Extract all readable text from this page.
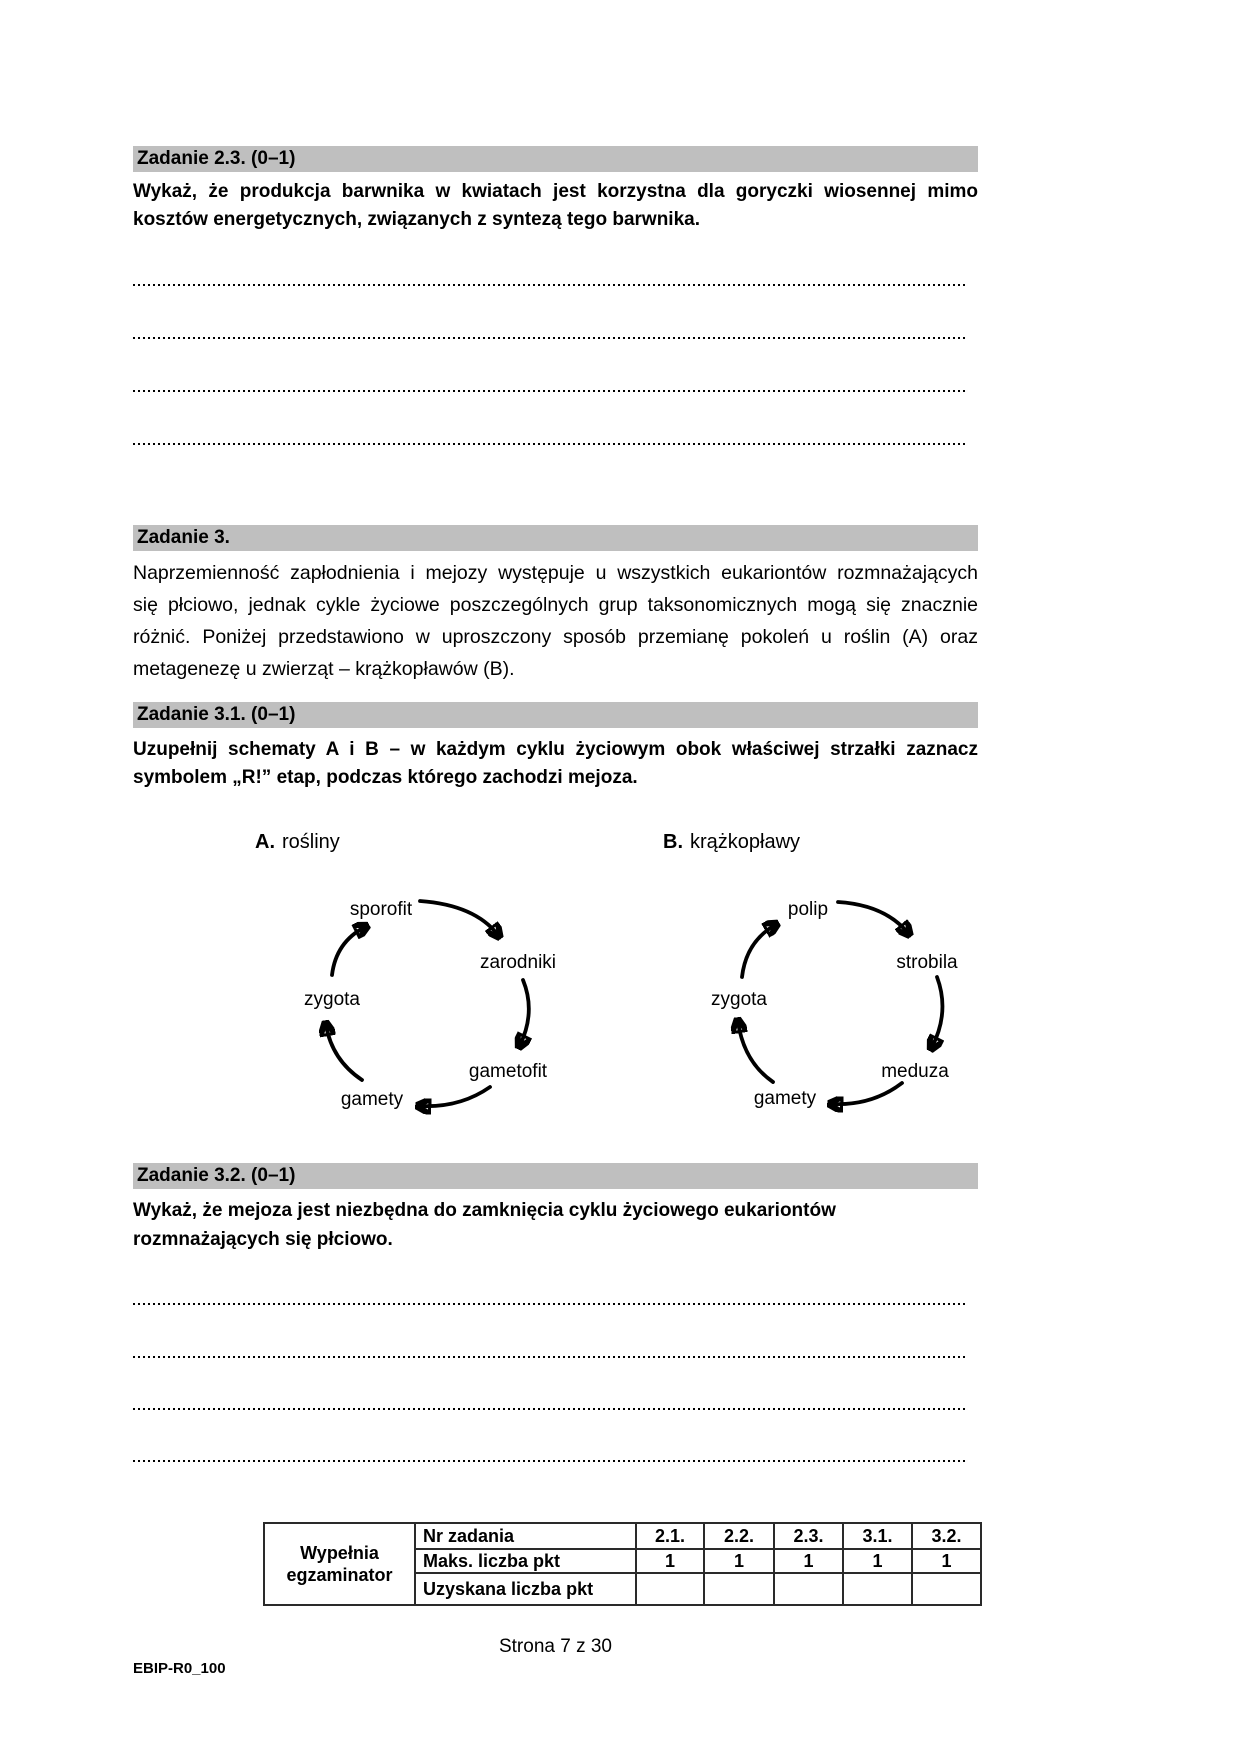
Zadanie 2.3. (0–1)
Wykaż, że produkcja barwnika w kwiatach jest korzystna dla goryczki wiosennej mimo
kosztów energetycznych, związanych z syntezą tego barwnika.
Zadanie 3.
Naprzemienność zapłodnienia i mejozy występuje u wszystkich eukariontów rozmnażających
się płciowo, jednak cykle życiowe poszczególnych grup taksonomicznych mogą się znacznie
różnić. Poniżej przedstawiono w uproszczony sposób przemianę pokoleń u roślin (A) oraz
metagenezę u zwierząt – krążkopławów (B).
Zadanie 3.1. (0–1)
Uzupełnij schematy A i B – w każdym cyklu życiowym obok właściwej strzałki zaznacz
symbolem „R!” etap, podczas którego zachodzi mejoza.
A. rośliny	B. krążkopławy
sporofit
zarodniki
gametofit
gamety
zygota
polip
strobila
meduza
gamety
zygota
Zadanie 3.2. (0–1)
Wykaż, że mejoza jest niezbędna do zamknięcia cyklu życiowego eukariontów
rozmnażających się płciowo.
Wypełnia egzaminator	Nr zadania	2.1.	2.2.	2.3.	3.1.	3.2.
	Maks. liczba pkt	1	1	1	1	1
	Uzyskana liczba pkt					
Strona 7 z 30
EBIP-R0_100
